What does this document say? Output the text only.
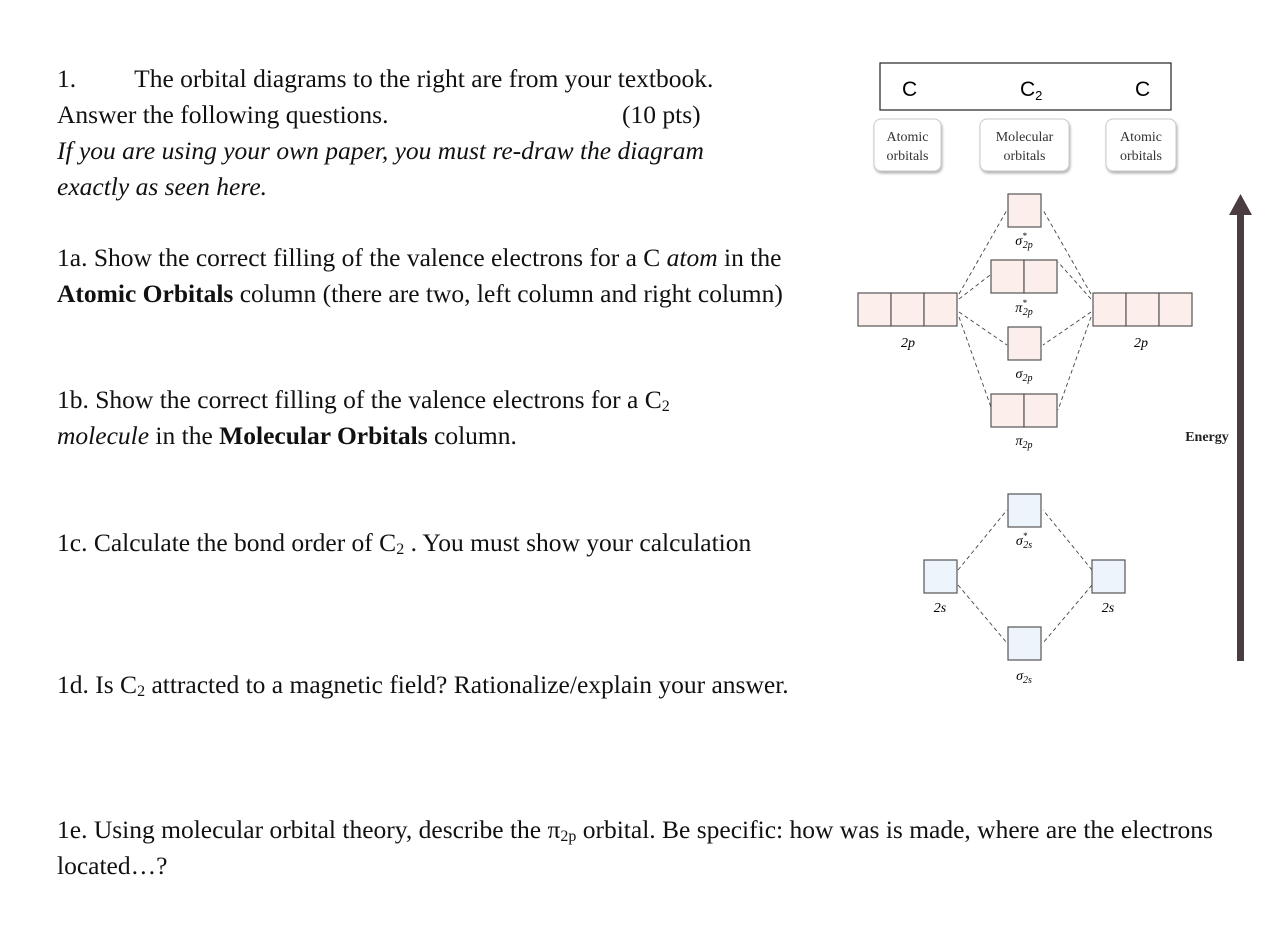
1. The orbital diagrams to the right are from your textbook.

Answer the following questions.	(10 pts)

If you are using your own paper, you must re-draw the diagram exactly as seen here.

1a. Show the correct filling of the valence electrons for a C atom in the Atomic Orbitals column (there are two, left column and right column)

1b. Show the correct filling of the valence electrons for a $C_2$
molecule in the Molecular Orbitals column.

1c. Calculate the bond order of $C_2$ . You must show your calculation

1d. Is $C_2$ attracted to a magnetic field? Rationalize/explain your answer.

1e. Using molecular orbital theory, describe the $\pi_{2p}$ orbital. Be specific: how was is made, where are the electrons located…?

C	C2	C
Atomic
orbitals
Molecular
orbitals
Atomic
orbitals
2p	2p
σ* 2p
π* 2p
$\sigma_{2p}$
$\pi_{2p}$
σ* 2s
2s	2s
$\sigma_{2s}$
Energy
